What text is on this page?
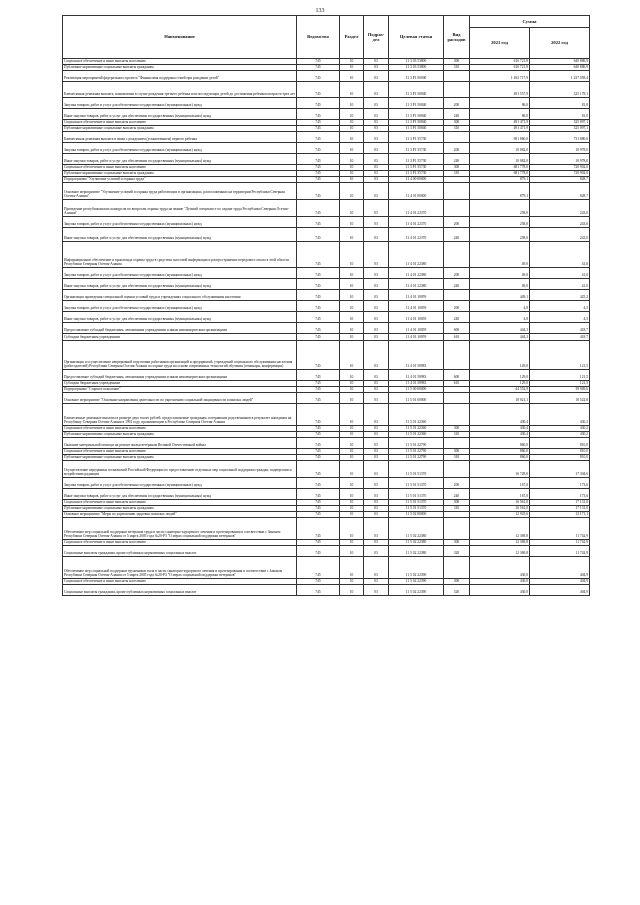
133
Наименование	Ведомство	Раздел	Подраз-дел	Целевая статья	Вид расходов	Сумма	
						2021 год	2022 год
Социальное обеспечение и иные выплаты населению	745	10	03	11 3 03 53800	300	616 721,8	640 886,9
Публичные нормативные социальные выплаты гражданам	745	10	03	11 3 03 53800	310	616 721,8	640 886,9
Реализация мероприятий федерального проекта "Финансовая поддержка семей при рождении детей"	745	10	03	11 3 P1 00000		1 182 717,9	1 237 058,4
Ежемесячная денежная выплата, назначаемая в случае рождения третьего ребенка или последующих детей до достижения ребенком возраста трех лет	745	10	03	11 3 P1 50840		491 557,9	325 178,1
Закупка товаров, работ и услуг для обеспечения государственных (муниципальных) нужд	745	10	03	11 3 P1 50840	200	86,0	81,0
Иные закупки товаров, работ и услуг для обеспечения государственных (муниципальных) нужд	745	10	03	11 3 P1 50840	240	86,0	81,0
Социальное обеспечение и иные выплаты населению	745	10	03	11 3 P1 50840	300	491 471,9	325 097,1
Публичные нормативные социальные выплаты гражданам	745	10	03	11 3 P1 50840	310	491 471,9	325 097,1
Ежемесячная денежная выплата в связи с рождением (усыновлением) первого ребенка	745	10	03	11 3 P1 55730		691 860,0	731 880,0
Закупка товаров, работ и услуг для обеспечения государственных (муниципальных) нужд	745	10	03	11 3 P1 55730	200	10 082,0	10 978,0
Иные закупки товаров, работ и услуг для обеспечения государственных (муниципальных) нужд	745	10	03	11 3 P1 55730	240	10 082,0	10 978,0
Социальное обеспечение и иные выплаты населению	745	10	03	11 3 P1 55730	300	681 778,0	720 902,0
Публичные нормативные социальные выплаты гражданам	745	10	03	11 3 P1 55730	310	681 778,0	720 902,0
Подпрограмма "Улучшение условий и охраны труда"	745	10	03	11 4 00 00000		879,1	828,7
Основное мероприятие "Улучшение условий и охраны труда работающих в организациях, расположенных на территории Республики Северная Осетия-Алания"	745	10	03	11 4 01 00000		879,1	828,7
Проведение республиканских конкурсов по вопросам охраны труда на звание "Лучший специалист по охране труда Республики Северная Осетия-Алания"	745	10	03	11 4 01 22370		258,0	243,0
Закупка товаров, работ и услуг для обеспечения государственных (муниципальных) нужд	745	10	03	11 4 01 22370	200	258,0	243,0
Иные закупки товаров, работ и услуг для обеспечения государственных (муниципальных) нужд	745	10	03	11 4 01 22370	240	258,0	243,0
Информационное обеспечение и пропаганда охраны труда в средствах массовой информации и распространение передового опыта в этой области Республики Северная Осетия-Алания	745	10	03	11 4 01 22380		49,0	41,0
Закупка товаров, работ и услуг для обеспечения государственных (муниципальных) нужд	745	10	03	11 4 01 22380	200	49,0	41,0
Иные закупки товаров, работ и услуг для обеспечения государственных (муниципальных) нужд	745	10	03	11 4 01 22380	240	49,0	41,0
Организация проведения специальной оценки условий труда в учреждениях социального обслуживания населения	745	10	03	11 4 01 10059		449,1	425,2
Закупка товаров, работ и услуг для обеспечения государственных (муниципальных) нужд	745	10	03	11 4 01 10059	200	4,8	4,5
Иные закупки товаров, работ и услуг для обеспечения государственных (муниципальных) нужд	745	10	03	11 4 01 10059	240	4,8	4,5
Предоставление субсидий бюджетным, автономным учреждениям и иным некоммерческим организациям	745	10	03	11 4 01 10059	600	444,3	418,7
Субсидии бюджетным учреждениям	745	10	03	11 4 01 10059	610	444,3	418,7
Организация и осуществление непрерывной подготовки работников организаций и предприятий, учреждений социального обслуживания населения (работодателей) Республики Северная Осетия-Алания по охране труда на основе современных технологий обучения (семинары, конференции)	745	10	03	11 4 01 58983		129,0	121,5
Предоставление субсидий бюджетным, автономным учреждениям и иным некоммерческим организациям	745	10	03	11 4 01 58983	600	129,0	121,5
Субсидии бюджетным учреждениям	745	10	03	11 4 01 58983	610	129,0	121,5
Подпрограмма "Старшее поколение"	745	10	03	11 5 00 00000		44 552,9	39 949,6
Основное мероприятие "Основные направления деятельности по укреплению социальной защищенности пожилых людей"	745	10	03	11 5 01 00000		18 021,1	18 522,8
Ежемесячные денежные выплаты в размере двух тысяч рублей, предоставляемые гражданам, потерявшим родственников в результате нападения на Республику Северная Осетия-Алания в 1992 году, проживающим в Республике Северная Осетия-Алания	745	10	03	11 5 01 22360		430,4	430,2
Социальное обеспечение и иные выплаты населению	745	10	03	11 5 01 22360	300	430,4	430,2
Публичные нормативные социальные выплаты гражданам	745	10	03	11 5 01 22360	310	430,4	430,2
Оказание материальной помощи на ремонт жилья ветеранам Великой Отечественной войны	745	10	03	11 5 01 22790		860,0	810,0
Социальное обеспечение и иные выплаты населению	745	10	03	11 5 01 22790	300	860,0	810,0
Публичные нормативные социальные выплаты гражданам	745	10	03	11 5 01 22790	310	860,0	810,0
Осуществление переданных полномочий Российской Федерации по предоставлению отдельных мер социальной поддержки граждан, подвергшихся воздействию радиации	745	10	03	11 5 01 51370		16 728,0	17 304,6
Закупка товаров, работ и услуг для обеспечения государственных (муниципальных) нужд	745	10	03	11 5 01 51370	200	167,0	173,6
Иные закупки товаров, работ и услуг для обеспечения государственных (муниципальных) нужд	745	10	03	11 5 01 51370	240	167,0	173,6
Социальное обеспечение и иные выплаты населению	745	10	03	11 5 01 51370	300	16 561,0	17 131,0
Публичные нормативные социальные выплаты гражданам	745	10	03	11 5 01 51370	310	16 561,0	17 131,0
Основное мероприятие "Меры по укреплению здоровья пожилых людей"	745	10	03	11 5 02 00000		12 925,6	12 171,1
Обеспечение мер социальной поддержки ветеранов труда в части санаторно-курортного лечения и протезирования в соответствии с Законом Республики Северная Осетия-Алания от 5 марта 2005 года №20-РЗ "О мерах социальной поддержки ветеранов"	745	10	03	11 5 02 22380		12 369,8	11 742,9
Социальное обеспечение и иные выплаты населению	745	10	03	11 5 02 22380	300	12 369,8	11 742,9
Социальные выплаты гражданам, кроме публичных нормативных социальных выплат	745	10	03	11 5 02 22380	320	12 369,8	11 742,9
Обеспечение мер социальной поддержки тружеников тыла в части санаторно-курортного лечения и протезирования в соответствии с Законом Республики Северная Осетия-Алания от 5 марта 2005 года №20-РЗ "О мерах социальной поддержки ветеранов"	745	10	03	11 5 02 22390		430,0	404,9
Социальное обеспечение и иные выплаты населению	745	10	03	11 5 02 22390	300	430,0	404,9
Социальные выплаты гражданам, кроме публичных нормативных социальных выплат	745	10	03	11 5 02 22390	320	430,0	404,9
